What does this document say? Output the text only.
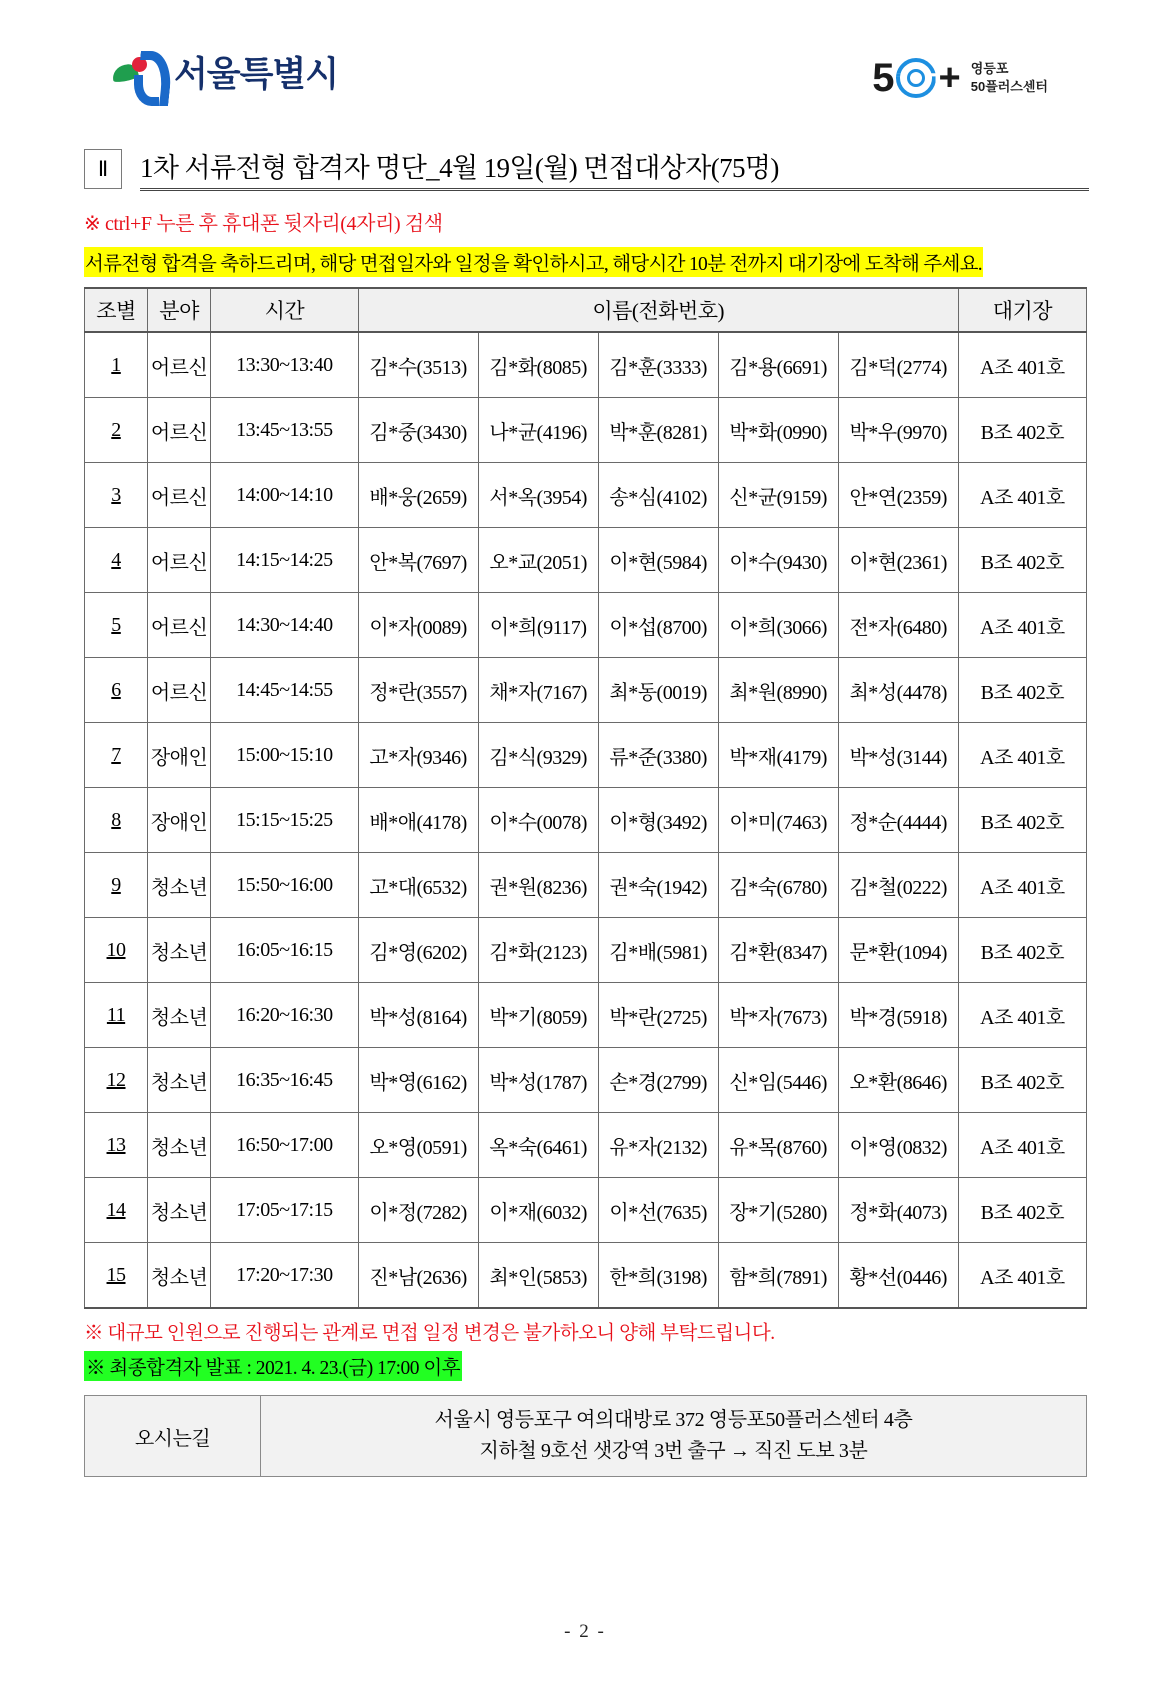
서울특별시	5 + 영등포
50플러스센터
Ⅱ	1차 서류전형 합격자 명단_4월 19일(월) 면접대상자(75명)
※ ctrl+F 누른 후 휴대폰 뒷자리(4자리) 검색
서류전형 합격을 축하드리며, 해당 면접일자와 일정을 확인하시고, 해당시간 10분 전까지 대기장에 도착해 주세요.
조별	분야	시간	이름(전화번호)					대기장
1	어르신	13:30~13:40	김*수(3513)	김*화(8085)	김*훈(3333)	김*용(6691)	김*덕(2774)	A조 401호
2	어르신	13:45~13:55	김*중(3430)	나*균(4196)	박*훈(8281)	박*화(0990)	박*우(9970)	B조 402호
3	어르신	14:00~14:10	배*웅(2659)	서*옥(3954)	송*심(4102)	신*균(9159)	안*연(2359)	A조 401호
4	어르신	14:15~14:25	안*복(7697)	오*교(2051)	이*현(5984)	이*수(9430)	이*현(2361)	B조 402호
5	어르신	14:30~14:40	이*자(0089)	이*희(9117)	이*섭(8700)	이*희(3066)	전*자(6480)	A조 401호
6	어르신	14:45~14:55	정*란(3557)	채*자(7167)	최*동(0019)	최*원(8990)	최*성(4478)	B조 402호
7	장애인	15:00~15:10	고*자(9346)	김*식(9329)	류*준(3380)	박*재(4179)	박*성(3144)	A조 401호
8	장애인	15:15~15:25	배*애(4178)	이*수(0078)	이*형(3492)	이*미(7463)	정*순(4444)	B조 402호
9	청소년	15:50~16:00	고*대(6532)	권*원(8236)	권*숙(1942)	김*숙(6780)	김*철(0222)	A조 401호
10	청소년	16:05~16:15	김*영(6202)	김*화(2123)	김*배(5981)	김*환(8347)	문*환(1094)	B조 402호
11	청소년	16:20~16:30	박*성(8164)	박*기(8059)	박*란(2725)	박*자(7673)	박*경(5918)	A조 401호
12	청소년	16:35~16:45	박*영(6162)	박*성(1787)	손*경(2799)	신*임(5446)	오*환(8646)	B조 402호
13	청소년	16:50~17:00	오*영(0591)	옥*숙(6461)	유*자(2132)	유*목(8760)	이*영(0832)	A조 401호
14	청소년	17:05~17:15	이*정(7282)	이*재(6032)	이*선(7635)	장*기(5280)	정*화(4073)	B조 402호
15	청소년	17:20~17:30	진*남(2636)	최*인(5853)	한*희(3198)	함*희(7891)	황*선(0446)	A조 401호
※ 대규모 인원으로 진행되는 관계로 면접 일정 변경은 불가하오니 양해 부탁드립니다.
※ 최종합격자 발표 : 2021. 4. 23.(금) 17:00 이후
오시는길	서울시 영등포구 여의대방로 372 영등포50플러스센터 4층
지하철 9호선 샛강역 3번 출구 → 직진 도보 3분
- 2 -
